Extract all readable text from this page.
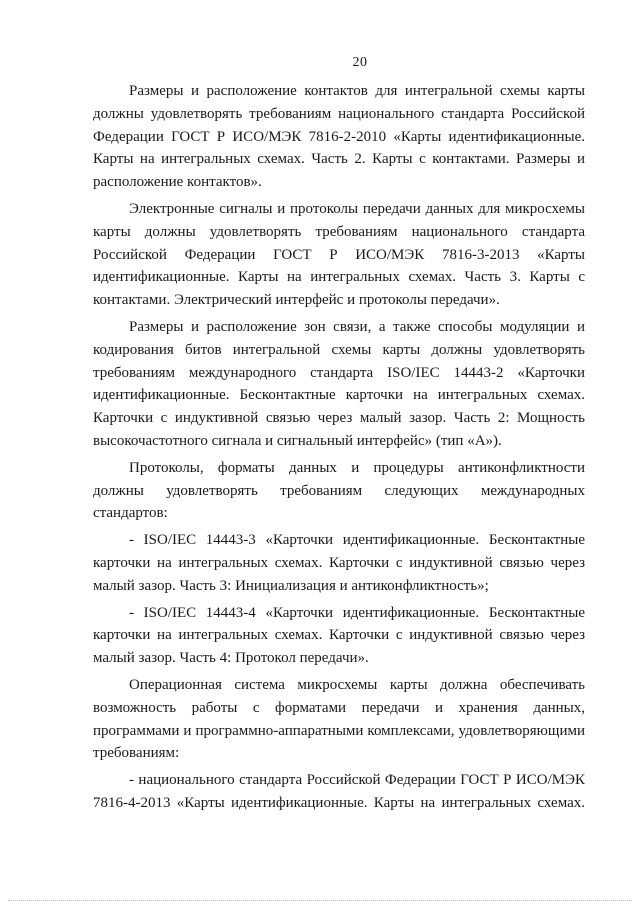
20

Размеры и расположение контактов для интегральной схемы карты должны удовлетворять требованиям национального стандарта Российской Федерации ГОСТ Р ИСО/МЭК 7816-2-2010 «Карты идентификационные. Карты на интегральных схемах. Часть 2. Карты с контактами. Размеры и расположение контактов».

Электронные сигналы и протоколы передачи данных для микросхемы карты должны удовлетворять требованиям национального стандарта Российской Федерации ГОСТ Р ИСО/МЭК 7816-3-2013 «Карты идентификационные. Карты на интегральных схемах. Часть 3. Карты с контактами. Электрический интерфейс и протоколы передачи».

Размеры и расположение зон связи, а также способы модуляции и кодирования битов интегральной схемы карты должны удовлетворять требованиям международного стандарта ISO/IEC 14443-2 «Карточки идентификационные. Бесконтактные карточки на интегральных схемах. Карточки с индуктивной связью через малый зазор. Часть 2: Мощность высокочастотного сигнала и сигнальный интерфейс» (тип «А»).

Протоколы, форматы данных и процедуры антиконфликтности должны удовлетворять требованиям следующих международных стандартов:

- ISO/IEC 14443-3 «Карточки идентификационные. Бесконтактные карточки на интегральных схемах. Карточки с индуктивной связью через малый зазор. Часть 3: Инициализация и антиконфликтность»;

- ISO/IEC 14443-4 «Карточки идентификационные. Бесконтактные карточки на интегральных схемах. Карточки с индуктивной связью через малый зазор. Часть 4: Протокол передачи».

Операционная система микросхемы карты должна обеспечивать возможность работы с форматами передачи и хранения данных, программами и программно-аппаратными комплексами, удовлетворяющими требованиям:

- национального стандарта Российской Федерации ГОСТ Р ИСО/МЭК 7816-4-2013 «Карты идентификационные. Карты на интегральных схемах.
